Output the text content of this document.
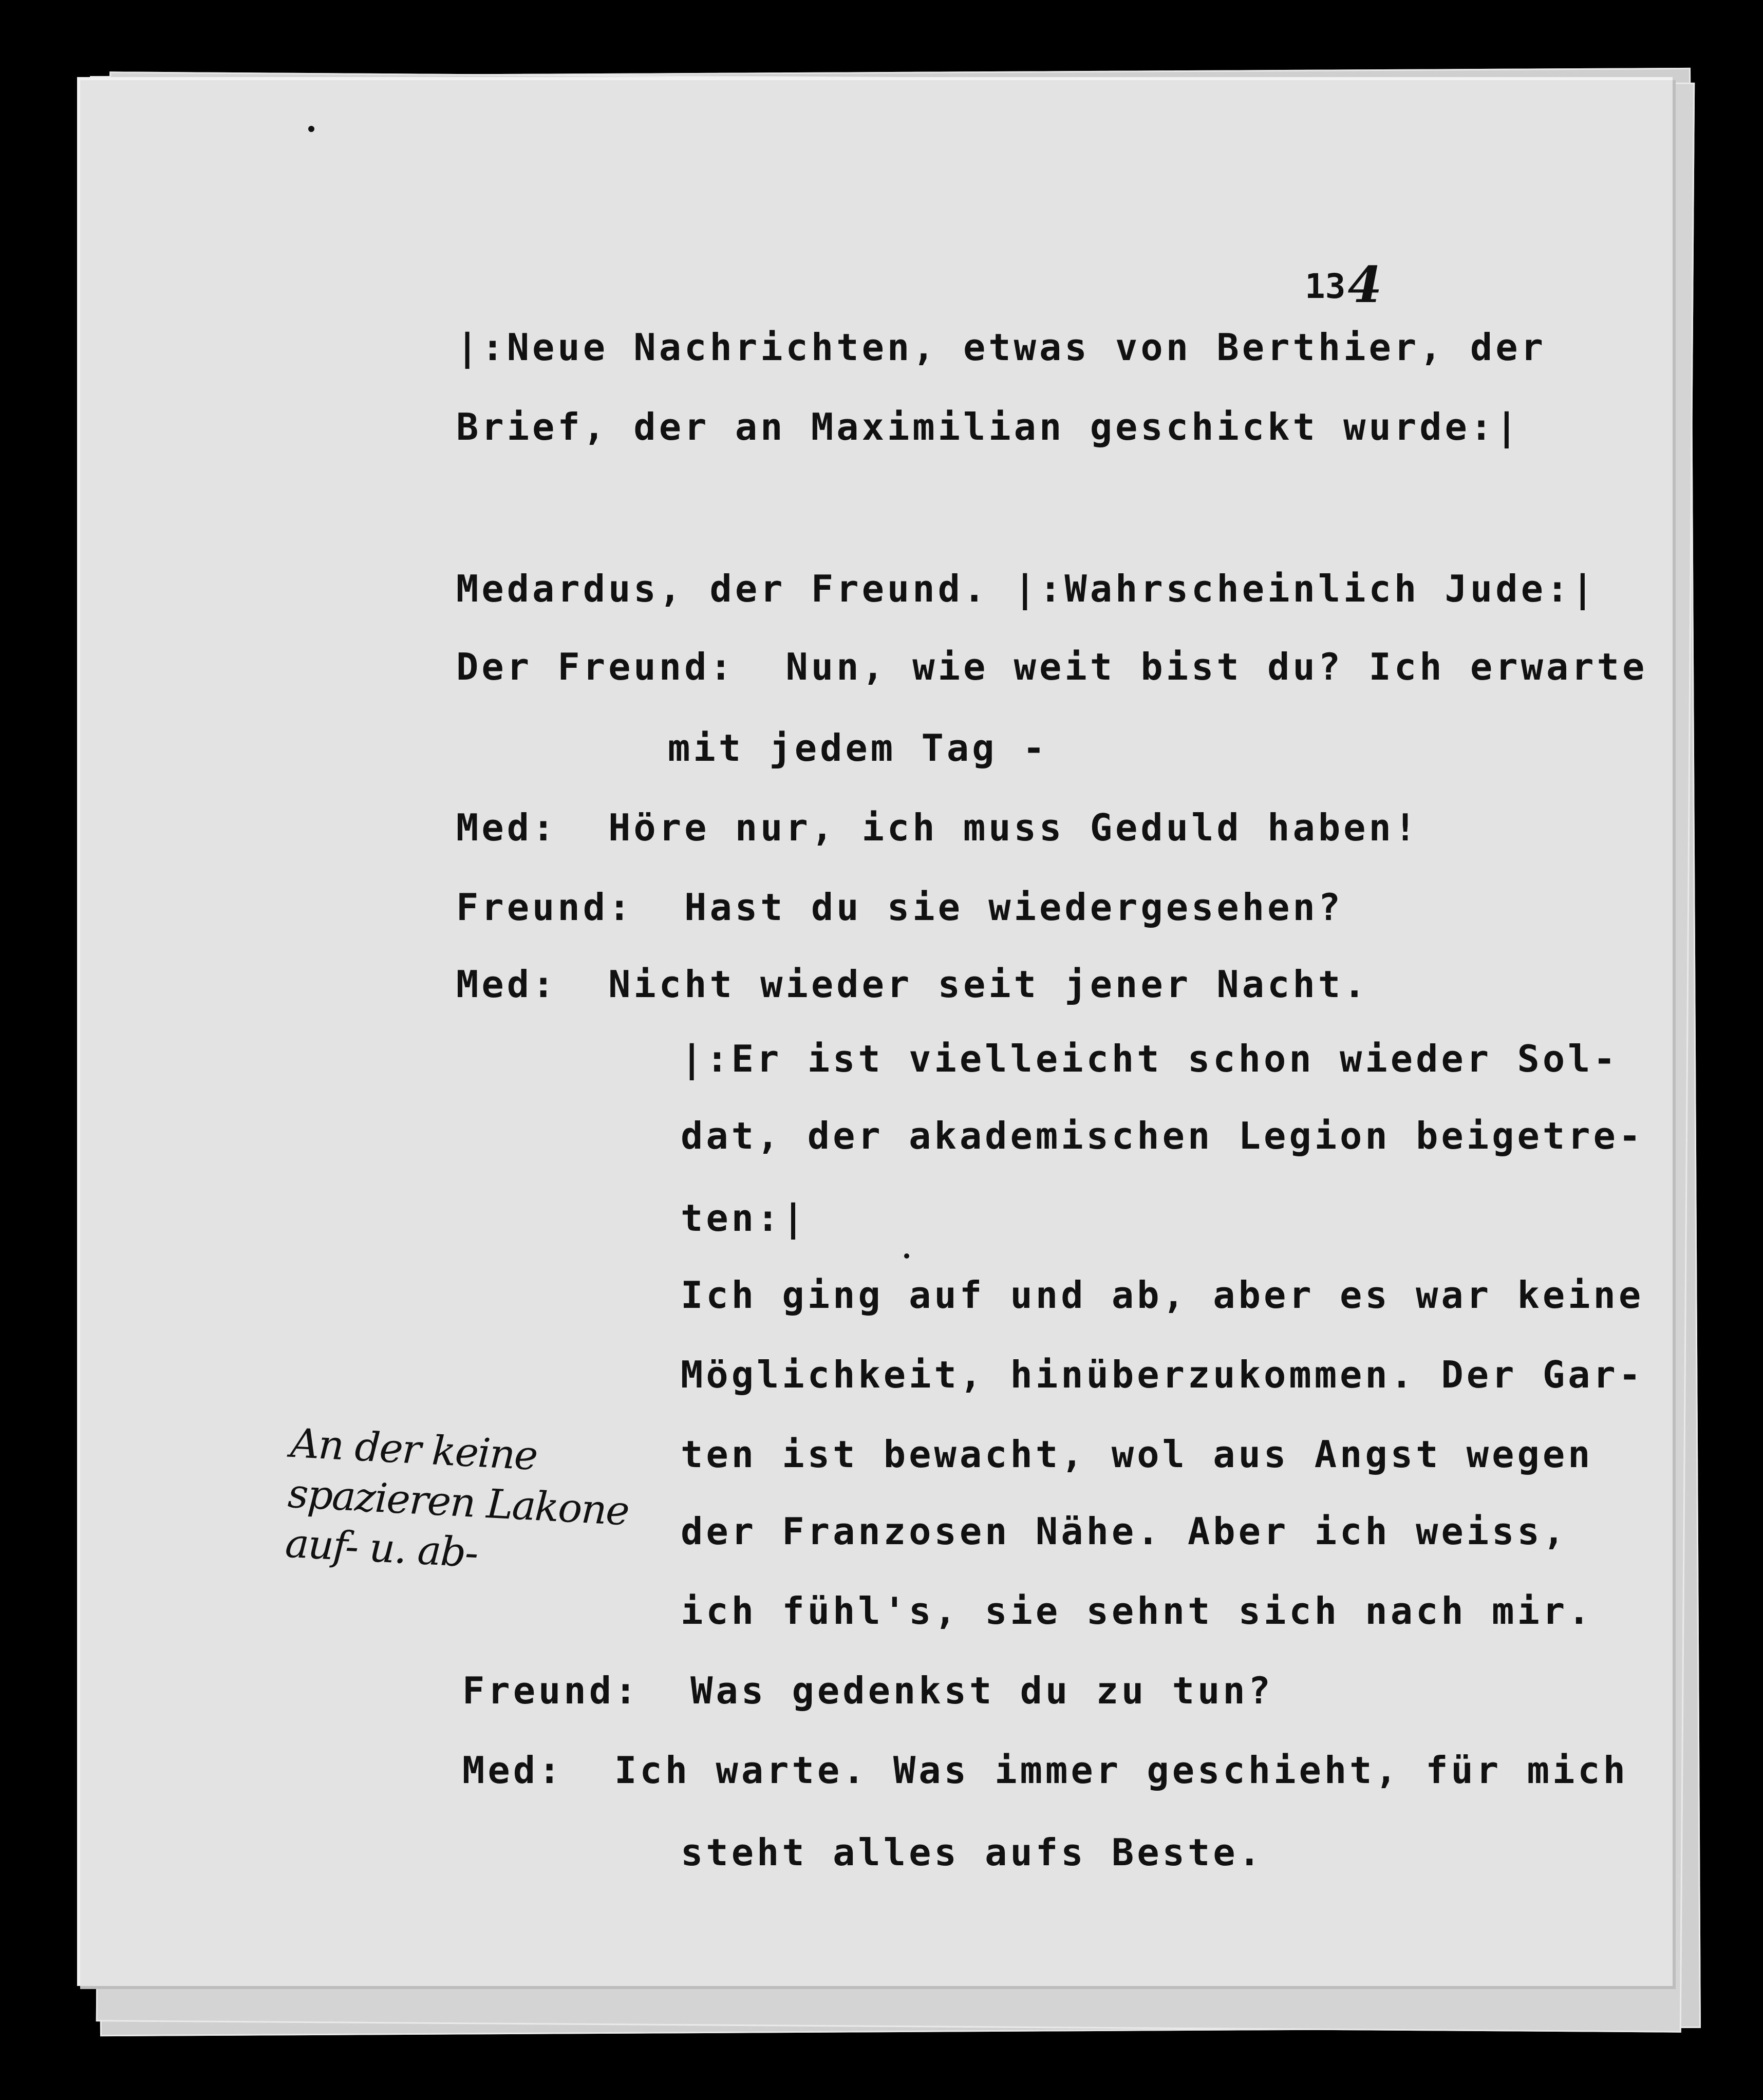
134
|:Neue Nachrichten, etwas von Berthier, der
Brief, der an Maximilian geschickt wurde:|
Medardus, der Freund. |:Wahrscheinlich Jude:|
Der Freund:  Nun, wie weit bist du? Ich erwarte
mit jedem Tag -
Med:  Höre nur, ich muss Geduld haben!
Freund:  Hast du sie wiedergesehen?
Med:  Nicht wieder seit jener Nacht.
|:Er ist vielleicht schon wieder Sol-
dat, der akademischen Legion beigetre-
ten:|
Ich ging auf und ab, aber es war keine
Möglichkeit, hinüberzukommen. Der Gar-
ten ist bewacht, wol aus Angst wegen
der Franzosen Nähe. Aber ich weiss,
ich fühl's, sie sehnt sich nach mir.
Freund:  Was gedenkst du zu tun?
Med:  Ich warte. Was immer geschieht, für mich
steht alles aufs Beste.
An der keine
spazieren Lakone
auf- u. ab-
